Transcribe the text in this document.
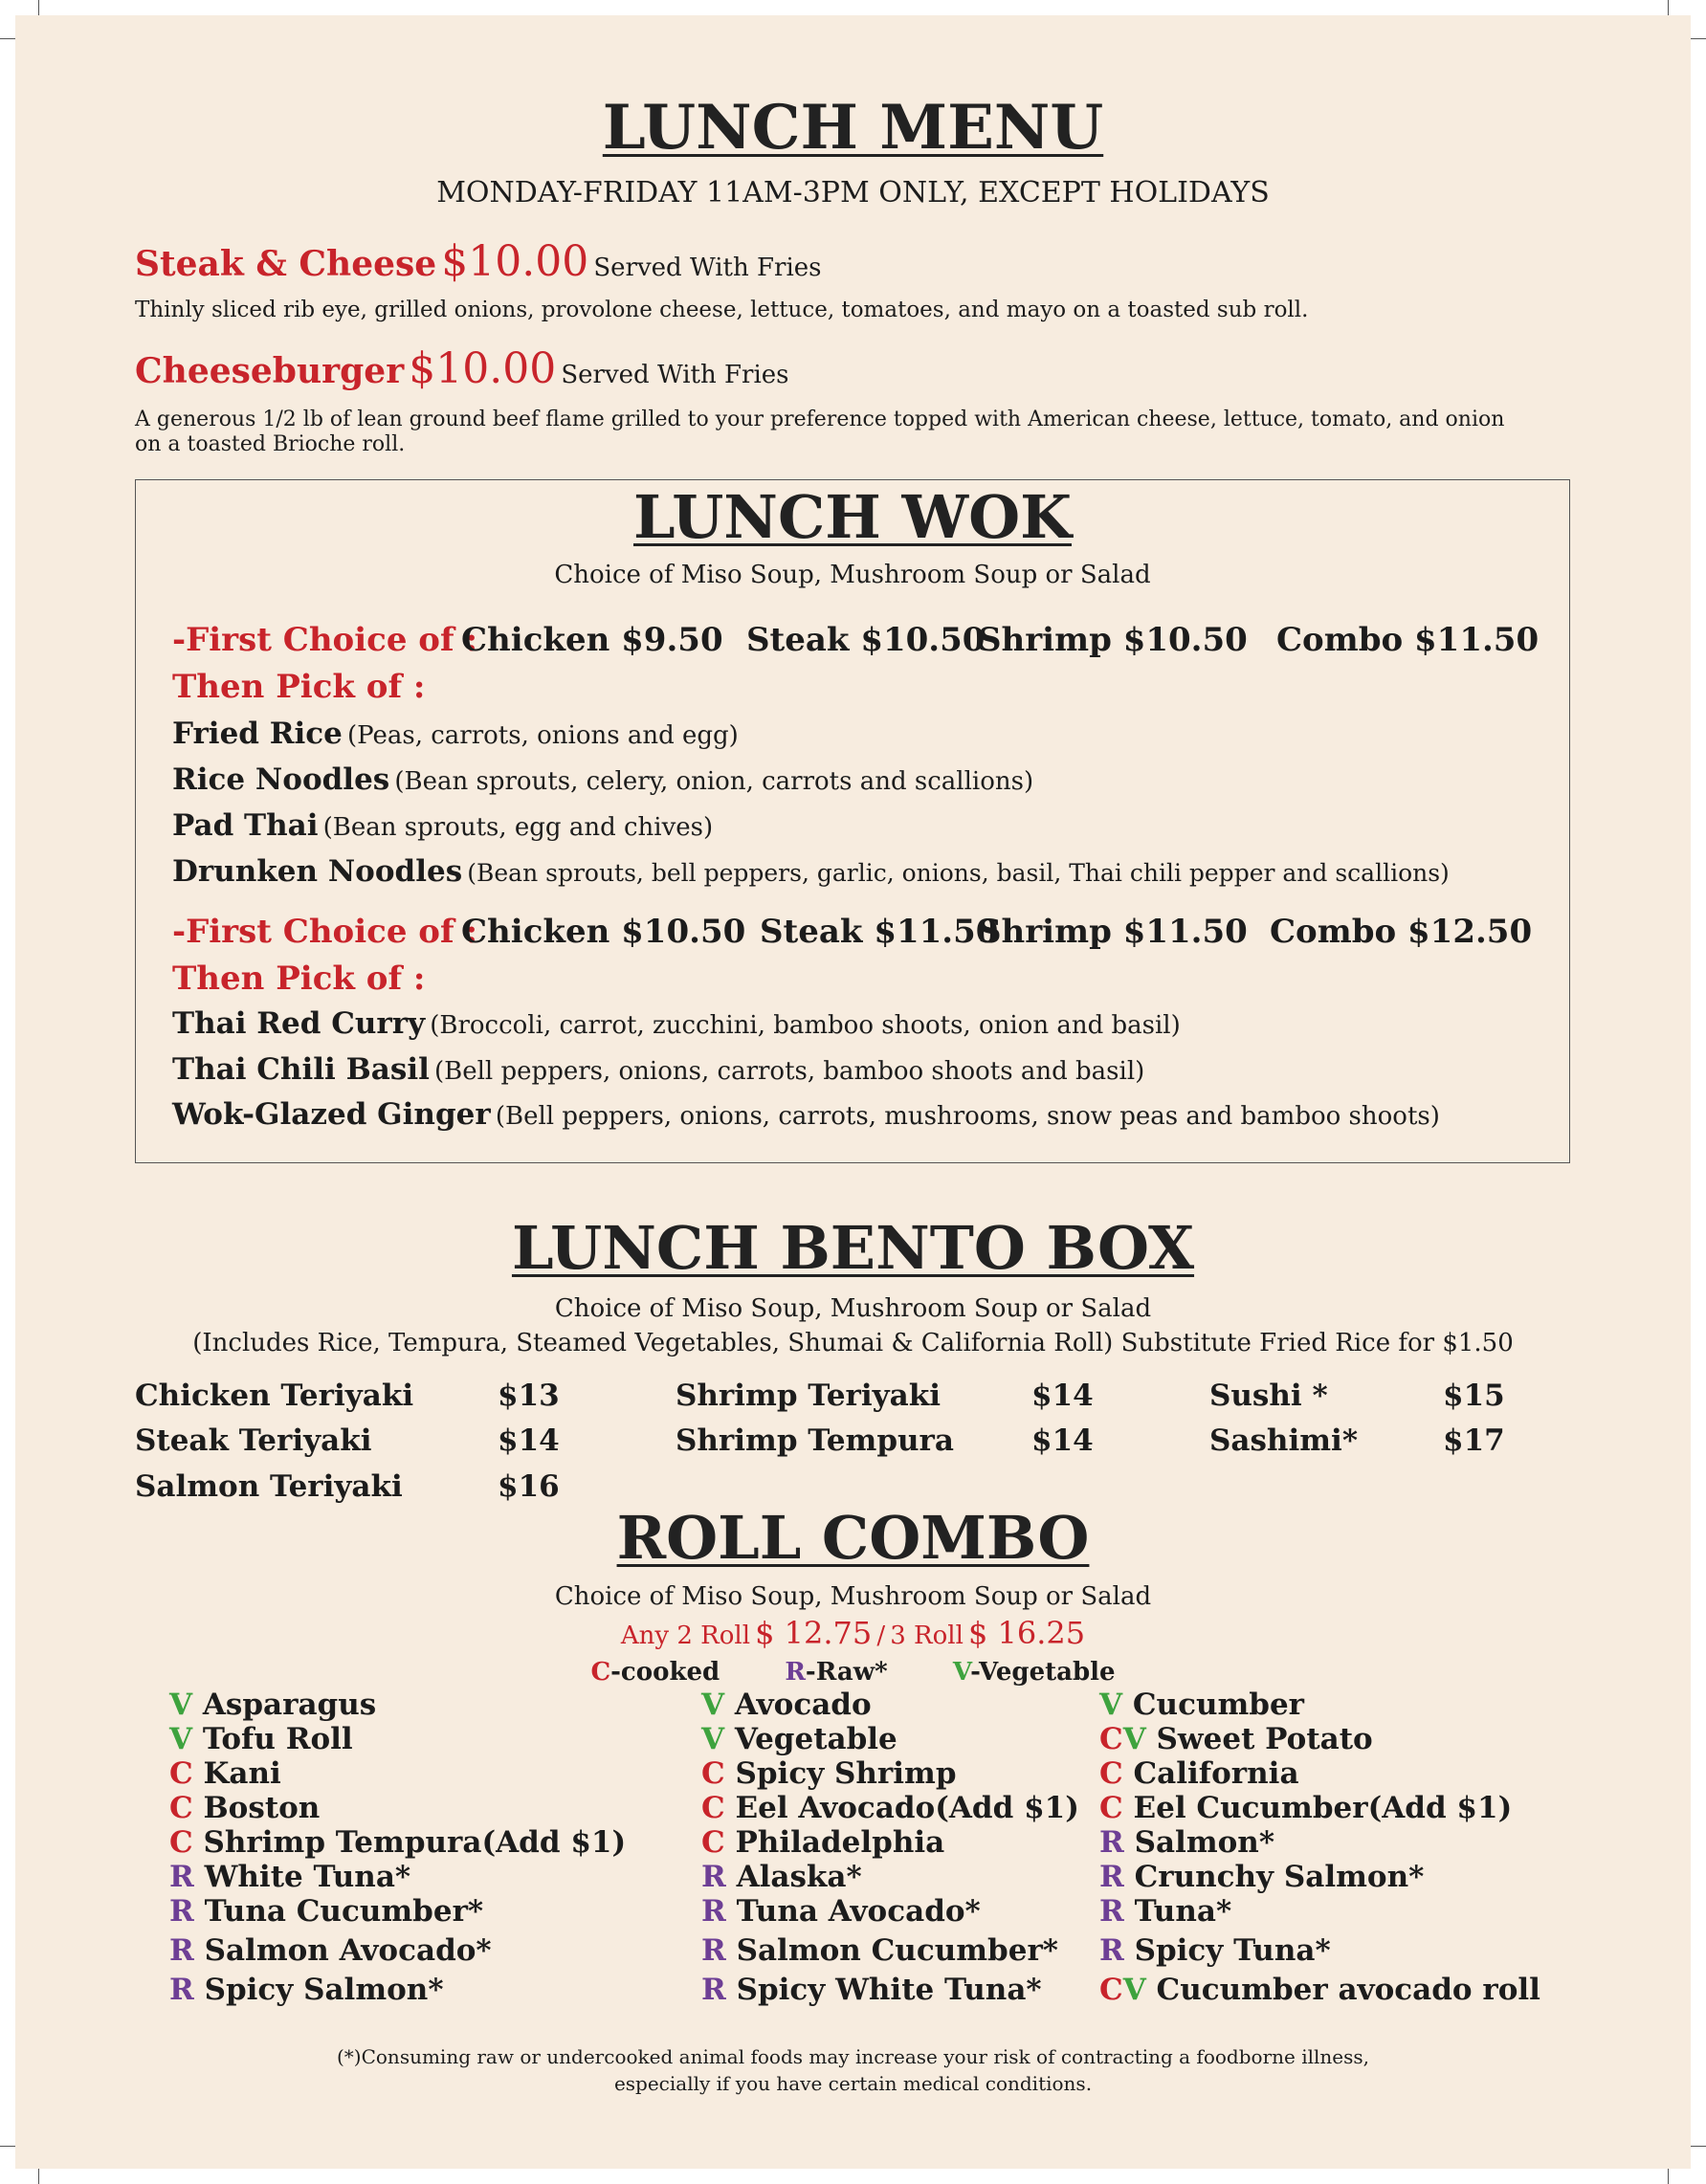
LUNCH MENU
MONDAY-FRIDAY 11AM-3PM ONLY, EXCEPT HOLIDAYS
Steak & Cheese $10.00 Served With Fries
Thinly sliced rib eye, grilled onions, provolone cheese, lettuce, tomatoes, and mayo on a toasted sub roll.
Cheeseburger $10.00 Served With Fries
A generous 1/2 lb of lean ground beef flame grilled to your preference topped with American cheese, lettuce, tomato, and onion
on a toasted Brioche roll.
LUNCH WOK
Choice of Miso Soup, Mushroom Soup or Salad
-First Choice of :
Chicken $9.50 Steak $10.50
Shrimp $10.50 Combo $11.50
Then Pick of :
Fried Rice (Peas, carrots, onions and egg)
Rice Noodles (Bean sprouts, celery, onion, carrots and scallions)
Pad Thai (Bean sprouts, egg and chives)
Drunken Noodles (Bean sprouts, bell peppers, garlic, onions, basil, Thai chili pepper and scallions)
-First Choice of :
Chicken $10.50 Steak $11.50
Shrimp $11.50 Combo $12.50
Then Pick of :
Thai Red Curry (Broccoli, carrot, zucchini, bamboo shoots, onion and basil)
Thai Chili Basil (Bell peppers, onions, carrots, bamboo shoots and basil)
Wok-Glazed Ginger (Bell peppers, onions, carrots, mushrooms, snow peas and bamboo shoots)
LUNCH BENTO BOX
Choice of Miso Soup, Mushroom Soup or Salad
(Includes Rice, Tempura, Steamed Vegetables, Shumai & California Roll) Substitute Fried Rice for $1.50
Chicken Teriyaki	$13
Steak Teriyaki	$14
Salmon Teriyaki	$16
Shrimp Teriyaki	$14
Shrimp Tempura	$14
Sushi *	$15
Sashimi*	$17
ROLL COMBO
Choice of Miso Soup, Mushroom Soup or Salad
Any 2 Roll $ 12.75 / 3 Roll $ 16.25
C-cooked	R-Raw*	V-Vegetable
V Asparagus
V Tofu Roll
C Kani
C Boston
C Shrimp Tempura(Add $1)
R White Tuna*
R Tuna Cucumber*
R Salmon Avocado*
R Spicy Salmon*
V Avocado
V Vegetable
C Spicy Shrimp
C Eel Avocado(Add $1)
C Philadelphia
R Alaska*
R Tuna Avocado*
R Salmon Cucumber*
R Spicy White Tuna*
V Cucumber
CV Sweet Potato
C California
C Eel Cucumber(Add $1)
R Salmon*
R Crunchy Salmon*
R Tuna*
R Spicy Tuna*
CV Cucumber avocado roll
(*)Consuming raw or undercooked animal foods may increase your risk of contracting a foodborne illness,
especially if you have certain medical conditions.
